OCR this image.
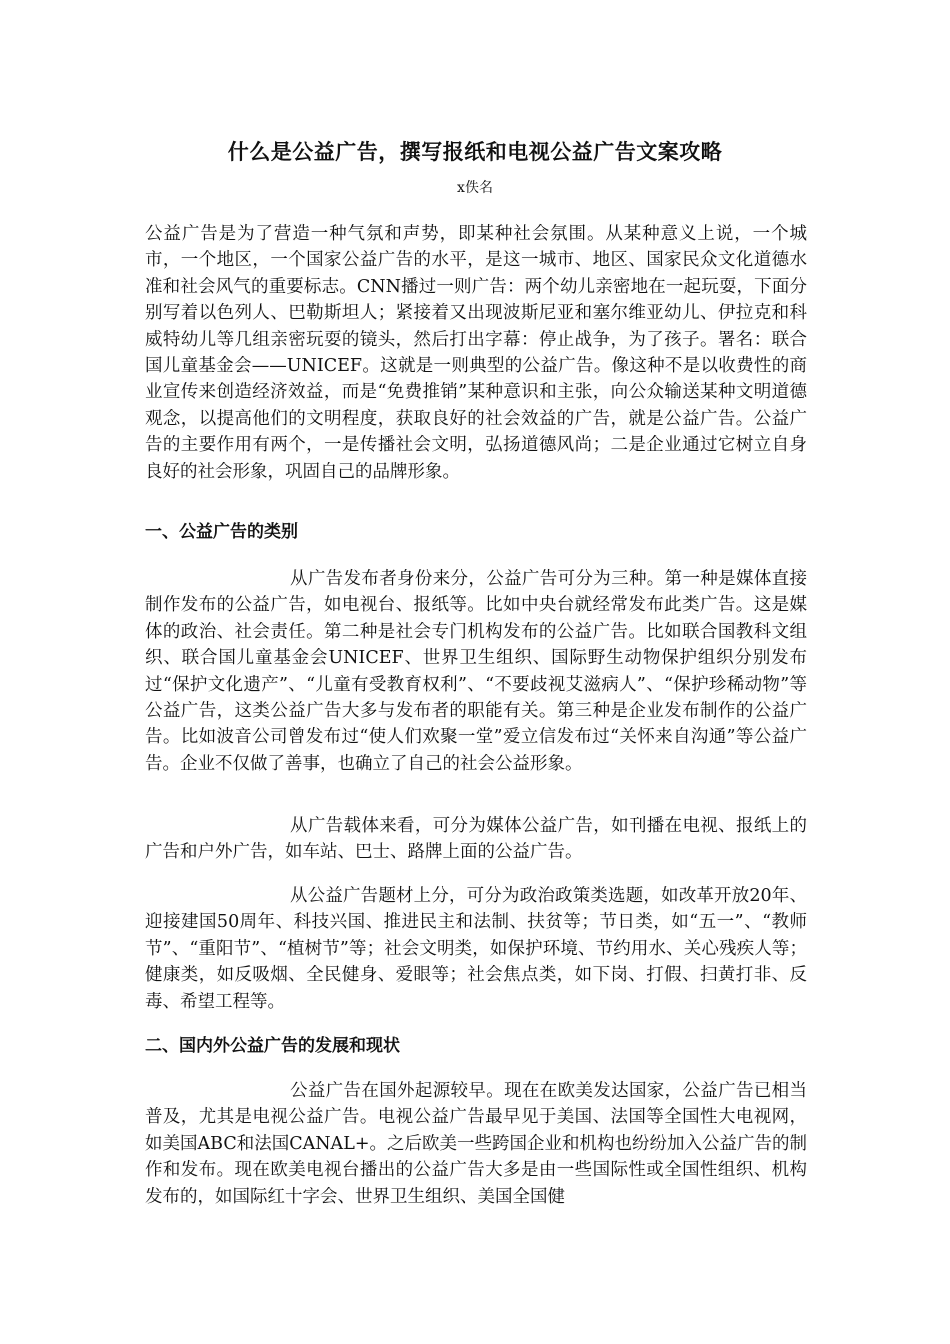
什么是公益广告，撰写报纸和电视公益广告文案攻略
x佚名

公益广告是为了营造一种气氛和声势，即某种社会氛围。从某种意义上说，一个城市，一个地区，一个国家公益广告的水平，是这一城市、地区、国家民众文化道德水准和社会风气的重要标志。CNN播过一则广告：两个幼儿亲密地在一起玩耍，下面分别写着以色列人、巴勒斯坦人；紧接着又出现波斯尼亚和塞尔维亚幼儿、伊拉克和科威特幼儿等几组亲密玩耍的镜头，然后打出字幕：停止战争，为了孩子。署名：联合国儿童基金会——UNICEF。这就是一则典型的公益广告。像这种不是以收费性的商业宣传来创造经济效益，而是“免费推销”某种意识和主张，向公众输送某种文明道德观念，以提高他们的文明程度，获取良好的社会效益的广告，就是公益广告。公益广告的主要作用有两个，一是传播社会文明，弘扬道德风尚；二是企业通过它树立自身良好的社会形象，巩固自己的品牌形象。

一、公益广告的类别

从广告发布者身份来分，公益广告可分为三种。第一种是媒体直接制作发布的公益广告，如电视台、报纸等。比如中央台就经常发布此类广告。这是媒体的政治、社会责任。第二种是社会专门机构发布的公益广告。比如联合国教科文组织、联合国儿童基金会UNICEF、世界卫生组织、国际野生动物保护组织分别发布过“保护文化遗产”、“儿童有受教育权利”、“不要歧视艾滋病人”、“保护珍稀动物”等公益广告，这类公益广告大多与发布者的职能有关。第三种是企业发布制作的公益广告。比如波音公司曾发布过“使人们欢聚一堂”爱立信发布过“关怀来自沟通”等公益广告。企业不仅做了善事，也确立了自己的社会公益形象。

从广告载体来看，可分为媒体公益广告，如刊播在电视、报纸上的广告和户外广告，如车站、巴士、路牌上面的公益广告。

从公益广告题材上分，可分为政治政策类选题，如改革开放20年、迎接建国50周年、科技兴国、推进民主和法制、扶贫等；节日类，如“五一”、“教师节”、“重阳节”、“植树节”等；社会文明类，如保护环境、节约用水、关心残疾人等；健康类，如反吸烟、全民健身、爱眼等；社会焦点类，如下岗、打假、扫黄打非、反毒、希望工程等。

二、国内外公益广告的发展和现状

公益广告在国外起源较早。现在在欧美发达国家，公益广告已相当普及，尤其是电视公益广告。电视公益广告最早见于美国、法国等全国性大电视网，如美国ABC和法国CANAL+。之后欧美一些跨国企业和机构也纷纷加入公益广告的制作和发布。现在欧美电视台播出的公益广告大多是由一些国际性或全国性组织、机构发布的，如国际红十字会、世界卫生组织、美国全国健
